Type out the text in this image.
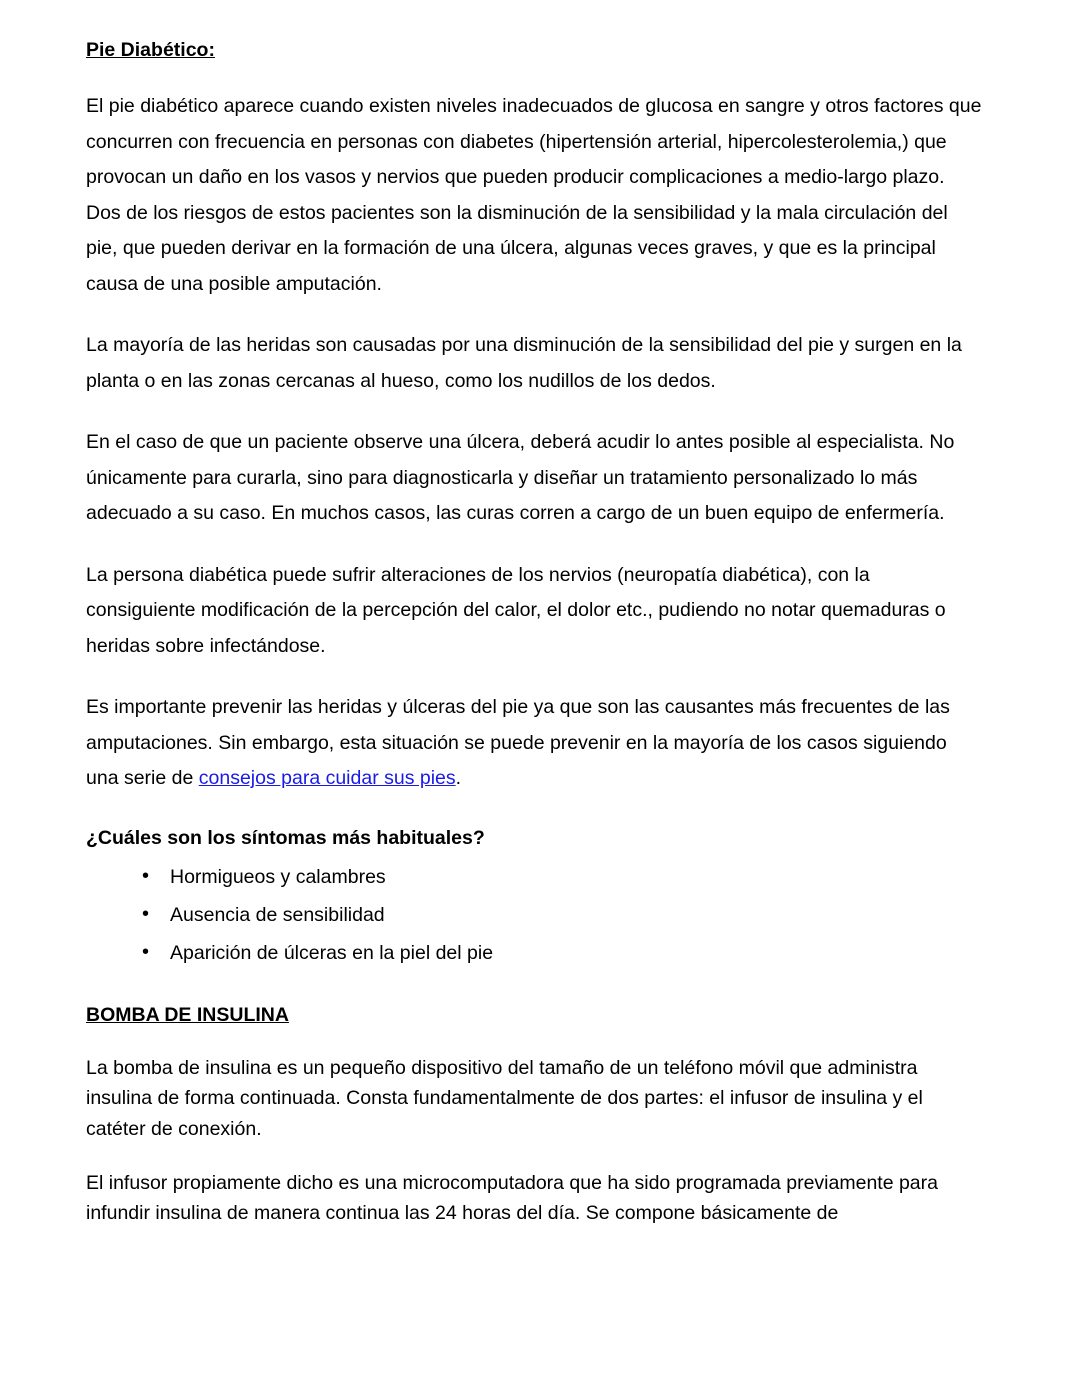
Pie Diabético:

El pie diabético aparece cuando existen niveles inadecuados de glucosa en sangre y otros factores que concurren con frecuencia en personas con diabetes (hipertensión arterial, hipercolesterolemia,) que provocan un daño en los vasos y nervios que pueden producir complicaciones a medio-largo plazo. Dos de los riesgos de estos pacientes son la disminución de la sensibilidad y la mala circulación del pie, que pueden derivar en la formación de una úlcera, algunas veces graves, y que es la principal causa de una posible amputación.

La mayoría de las heridas son causadas por una disminución de la sensibilidad del pie y surgen en la planta o en las zonas cercanas al hueso, como los nudillos de los dedos.

En el caso de que un paciente observe una úlcera, deberá acudir lo antes posible al especialista. No únicamente para curarla, sino para diagnosticarla y diseñar un tratamiento personalizado lo más adecuado a su caso. En muchos casos, las curas corren a cargo de un buen equipo de enfermería.

La persona diabética puede sufrir alteraciones de los nervios (neuropatía diabética), con la consiguiente modificación de la percepción del calor, el dolor etc., pudiendo no notar quemaduras o heridas sobre infectándose.

Es importante prevenir las heridas y úlceras del pie ya que son las causantes más frecuentes de las amputaciones. Sin embargo, esta situación se puede prevenir en la mayoría de los casos siguiendo una serie de consejos para cuidar sus pies.

¿Cuáles son los síntomas más habituales?
• Hormigueos y calambres
• Ausencia de sensibilidad
• Aparición de úlceras en la piel del pie
BOMBA DE INSULINA

La bomba de insulina es un pequeño dispositivo del tamaño de un teléfono móvil que administra insulina de forma continuada. Consta fundamentalmente de dos partes: el infusor de insulina y el catéter de conexión.

El infusor propiamente dicho es una microcomputadora que ha sido programada previamente para infundir insulina de manera continua las 24 horas del día. Se compone básicamente de
